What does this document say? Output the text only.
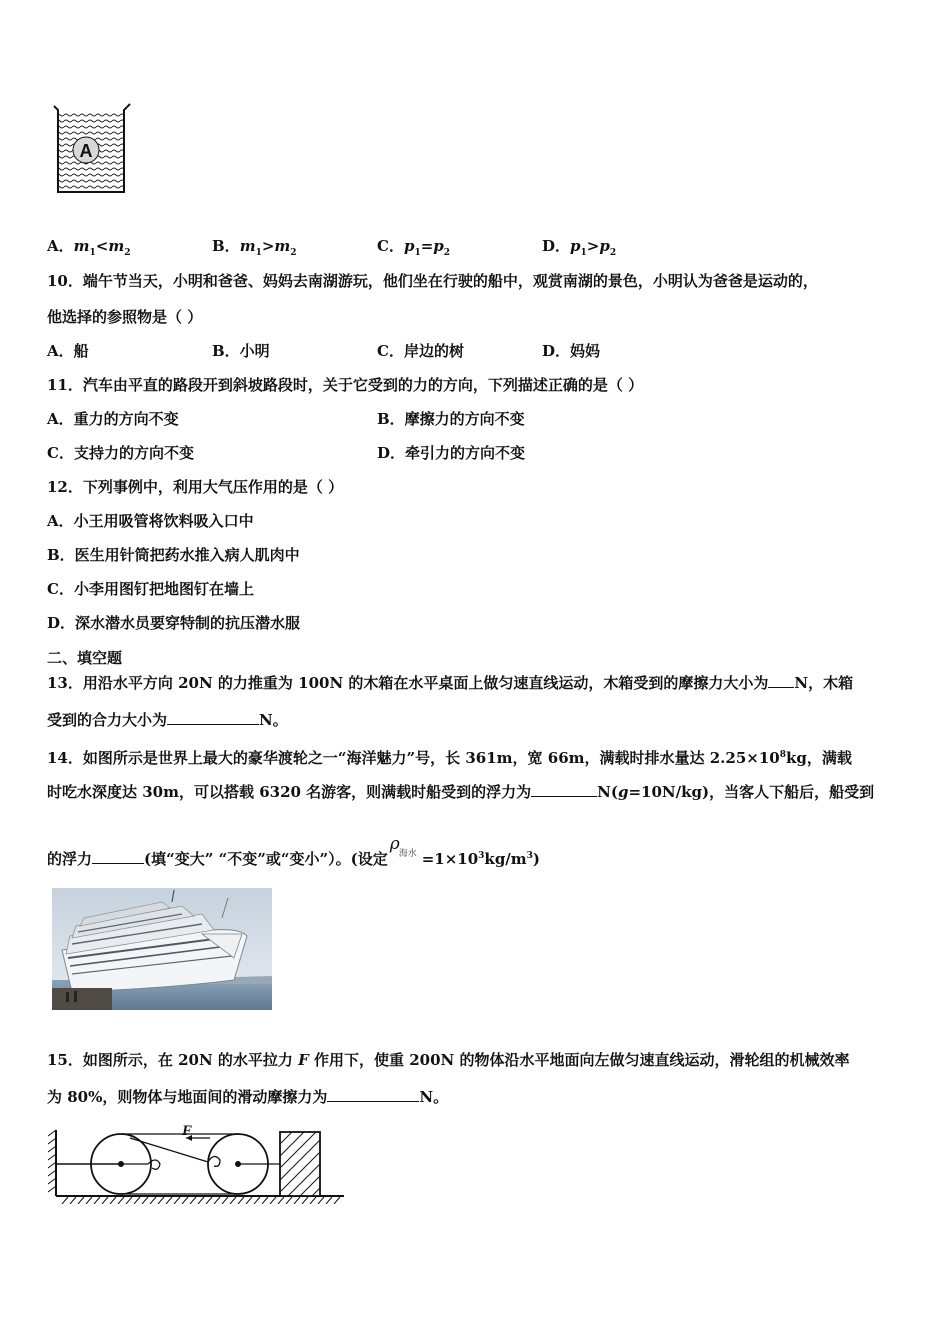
A
A．$m_1<m_2$	B．$m_1>m_2$	C．$p_1=p_2$	D．$p_1>p_2$
10．端午节当天，小明和爸爸、妈妈去南湖游玩，他们坐在行驶的船中，观赏南湖的景色，小明认为爸爸是运动的，
他选择的参照物是（ ）
A．船	B．小明	C．岸边的树	D．妈妈
11．汽车由平直的路段开到斜坡路段时，关于它受到的力的方向，下列描述正确的是（ ）
A．重力的方向不变	B．摩擦力的方向不变
C．支持力的方向不变	D．牵引力的方向不变
12．下列事例中，利用大气压作用的是（ ）
A．小王用吸管将饮料吸入口中
B．医生用针筒把药水推入病人肌肉中
C．小李用图钉把地图钉在墙上
D．深水潜水员要穿特制的抗压潜水服
二、填空题
13．用沿水平方向 20N 的力推重为 100N 的木箱在水平桌面上做匀速直线运动，木箱受到的摩擦力大小为 N，木箱
受到的合力大小为	N。
14．如图所示是世界上最大的豪华渡轮之一“海洋魅力”号，长 361m，宽 66m，满载时排水量达 $2.25\times 10^8kg$，满载
时吃水深度达 30m，可以搭载 6320 名游客，则满载时船受到的浮力为	N(g=10N/kg)，当客人下船后，船受到
的浮力	(填“变大” “不变”或“变小”）。(设定
ρ 海水 $=1\times 10^3kg/m^3$)
15．如图所示，在 20N 的水平拉力 F 作用下，使重 200N 的物体沿水平地面向左做匀速直线运动，滑轮组的机械效率
为 80%，则物体与地面间的滑动摩擦力为	N。
F
